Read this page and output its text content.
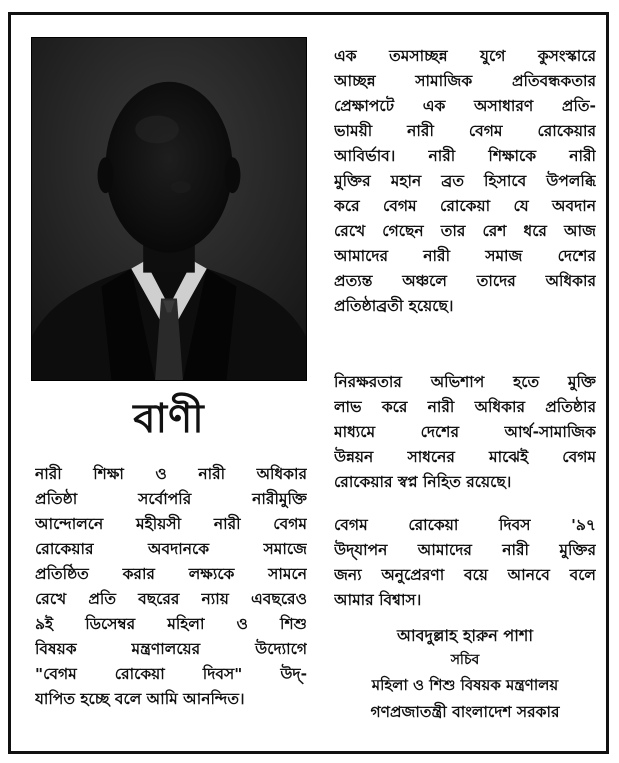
বাণী
নারী শিক্ষা ও নারী অধিকার
প্রতিষ্ঠা সর্বোপরি নারীমুক্তি
আন্দোলনে মহীয়সী নারী বেগম
রোকেয়ার অবদানকে সমাজে
প্রতিষ্ঠিত করার লক্ষ্যকে সামনে
রেখে প্রতি বছরের ন্যায় এবছরেও
৯ই ডিসেম্বর মহিলা ও শিশু
বিষয়ক মন্ত্রণালয়ের উদ্যোগে
"বেগম রোকেয়া দিবস" উদ্-
যাপিত হচ্ছে বলে আমি আনন্দিত।
এক তমসাচ্ছন্ন যুগে কুসংস্কারে
আচ্ছন্ন সামাজিক প্রতিবন্ধকতার
প্রেক্ষাপটে এক অসাধারণ প্রতি-
ভাময়ী নারী বেগম রোকেয়ার
আবির্ভাব। নারী শিক্ষাকে নারী
মুক্তির মহান ব্রত হিসাবে উপলব্ধি
করে বেগম রোকেয়া যে অবদান
রেখে গেছেন তার রেশ ধরে আজ
আমাদের নারী সমাজ দেশের
প্রত্যন্ত অঞ্চলে তাদের অধিকার
প্রতিষ্ঠাব্রতী হয়েছে।
নিরক্ষরতার অভিশাপ হতে মুক্তি
লাভ করে নারী অধিকার প্রতিষ্ঠার
মাধ্যমে দেশের আর্থ-সামাজিক
উন্নয়ন সাধনের মাঝেই বেগম
রোকেয়ার স্বপ্ন নিহিত রয়েছে।
বেগম রোকেয়া দিবস '৯৭
উদ্‌যাপন আমাদের নারী মুক্তির
জন্য অনুপ্রেরণা বয়ে আনবে বলে
আমার বিশ্বাস।
আবদুল্লাহ হারুন পাশা
সচিব
মহিলা ও শিশু বিষয়ক মন্ত্রণালয়
গণপ্রজাতন্ত্রী বাংলাদেশ সরকার
